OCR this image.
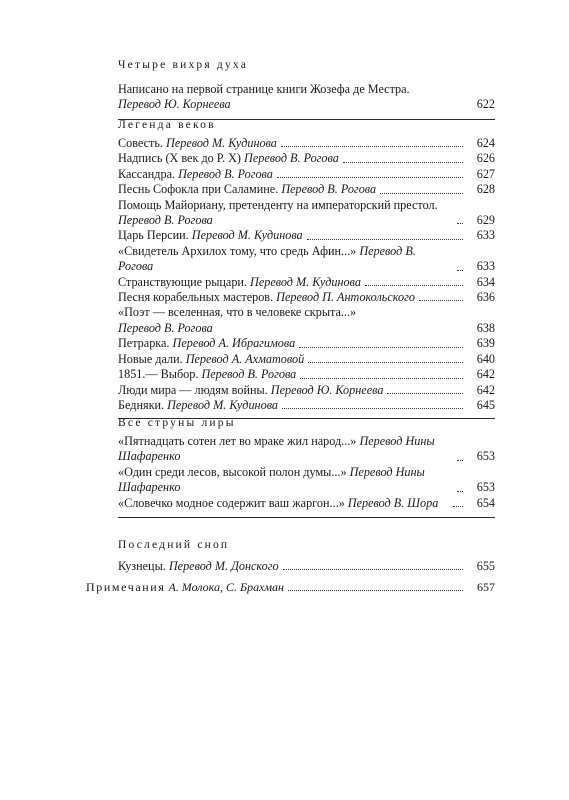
Четыре вихря духа
Написано на первой странице книги Жозефа де Местра.
Перевод Ю. Корнеева	622
Легенда веков
Совесть. Перевод М. Кудинова	624
Надпись (X век до Р. Х) Перевод В. Рогова	626
Кассандра. Перевод В. Рогова	627
Песнь Софокла при Саламине. Перевод В. Рогова	628
Помощь Майориану, претенденту на императорский престол. Перевод В. Рогова	629
Царь Персии. Перевод М. Кудинова	633
«Свидетель Архилох тому, что средь Афин...» Перевод В. Рогова	633
Странствующие рыцари. Перевод М. Кудинова	634
Песня корабельных мастеров. Перевод П. Антокольского	636
«Поэт — вселенная, что в человеке скрыта...»
Перевод В. Рогова	638
Петрарка. Перевод А. Ибрагимова	639
Новые дали. Перевод А. Ахматовой	640
1851.— Выбор. Перевод В. Рогова	642
Люди мира — людям войны. Перевод Ю. Корнеева	642
Бедняки. Перевод М. Кудинова	645
Все струны лиры
«Пятнадцать сотен лет во мраке жил народ...» Перевод Нины Шафаренко	653
«Один среди лесов, высокой полон думы...» Перевод Нины Шафаренко	653
«Словечко модное содержит ваш жаргон...» Перевод В. Шора	654
Последний сноп
Кузнецы. Перевод М. Донского	655
Примечания А. Молока, С. Брахман	657
